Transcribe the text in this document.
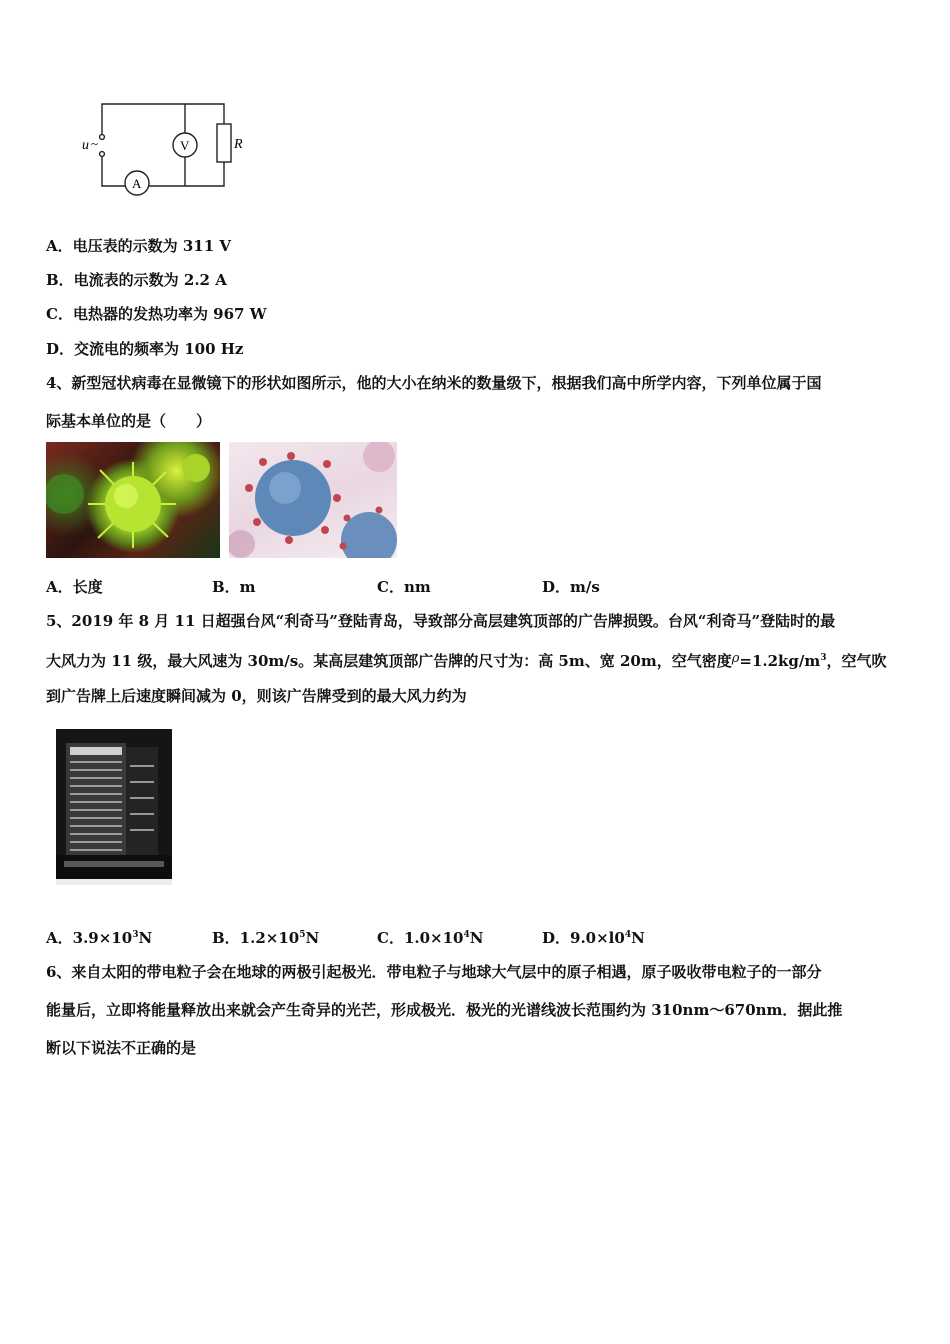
u ~	V	R
A
A．电压表的示数为 311 V
B．电流表的示数为 2.2 A
C．电热器的发热功率为 967 W
D．交流电的频率为 100 Hz
4、新型冠状病毒在显微镜下的形状如图所示，他的大小在纳米的数量级下，根据我们高中所学内容，下列单位属于国
际基本单位的是（　　）
A．长度	B．m	C．nm	D．m/s
5、2019 年 8 月 11 日超强台风“利奇马”登陆青岛，导致部分高层建筑顶部的广告牌损毁。台风“利奇马”登陆时的最
大风力为 11 级，最大风速为 30m/s。某高层建筑顶部广告牌的尺寸为：高 5m、宽 20m，空气密度$\rho=1.2kg/m^3$，空气吹
到广告牌上后速度瞬间减为 0，则该广告牌受到的最大风力约为
A．$3.9\times 10^3N$	B．$1.2\times 10^5N$	C．$1.0\times 10^4N$	D．$9.0\times l0^4N$
6、来自太阳的带电粒子会在地球的两极引起极光．带电粒子与地球大气层中的原子相遇，原子吸收带电粒子的一部分
能量后，立即将能量释放出来就会产生奇异的光芒，形成极光．极光的光谱线波长范围约为 310nm～670nm．据此推
断以下说法不正确的是
